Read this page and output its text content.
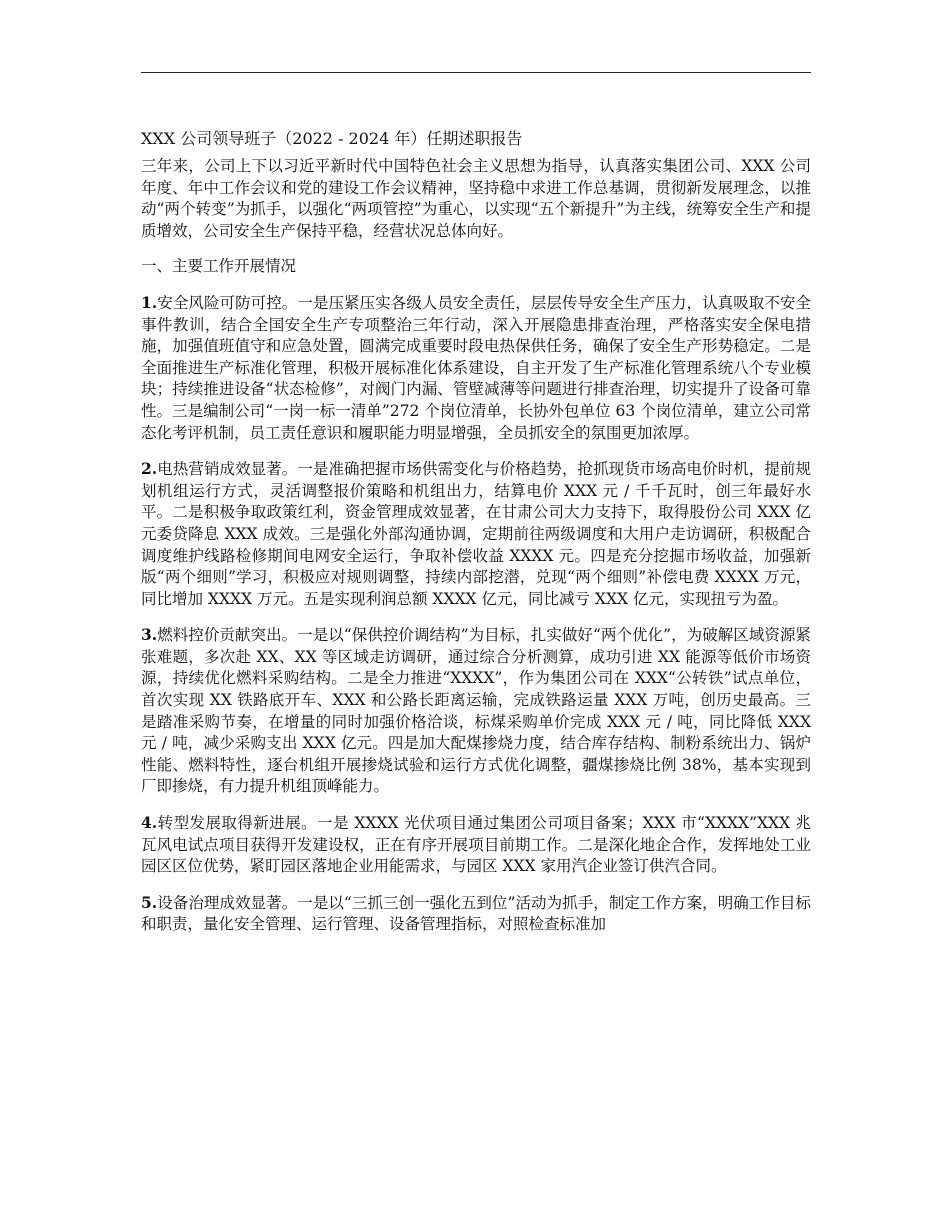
XXX 公司领导班子（2022 - 2024 年）任期述职报告

三年来，公司上下以习近平新时代中国特色社会主义思想为指导，认真落实集团公司、XXX 公司年度、年中工作会议和党的建设工作会议精神，坚持稳中求进工作总基调，贯彻新发展理念，以推动“两个转变”为抓手，以强化“两项管控”为重心，以实现“五个新提升”为主线，统筹安全生产和提质增效，公司安全生产保持平稳，经营状况总体向好。

一、主要工作开展情况

1.安全风险可防可控。一是压紧压实各级人员安全责任，层层传导安全生产压力，认真吸取不安全事件教训，结合全国安全生产专项整治三年行动，深入开展隐患排查治理，严格落实安全保电措施，加强值班值守和应急处置，圆满完成重要时段电热保供任务，确保了安全生产形势稳定。二是全面推进生产标准化管理，积极开展标准化体系建设，自主开发了生产标准化管理系统八个专业模块；持续推进设备“状态检修”，对阀门内漏、管壁减薄等问题进行排查治理，切实提升了设备可靠性。三是编制公司“一岗一标一清单”272 个岗位清单，长协外包单位 63 个岗位清单，建立公司常态化考评机制，员工责任意识和履职能力明显增强，全员抓安全的氛围更加浓厚。

2.电热营销成效显著。一是准确把握市场供需变化与价格趋势，抢抓现货市场高电价时机，提前规划机组运行方式，灵活调整报价策略和机组出力，结算电价 XXX 元 / 千千瓦时，创三年最好水平。二是积极争取政策红利，资金管理成效显著，在甘肃公司大力支持下，取得股份公司 XXX 亿元委贷降息 XXX 成效。三是强化外部沟通协调，定期前往两级调度和大用户走访调研，积极配合调度维护线路检修期间电网安全运行，争取补偿收益 XXXX 元。四是充分挖掘市场收益，加强新版“两个细则”学习，积极应对规则调整，持续内部挖潜，兑现“两个细则”补偿电费 XXXX 万元，同比增加 XXXX 万元。五是实现利润总额 XXXX 亿元，同比减亏 XXX 亿元，实现扭亏为盈。

3.燃料控价贡献突出。一是以“保供控价调结构”为目标，扎实做好“两个优化”，为破解区域资源紧张难题，多次赴 XX、XX 等区域走访调研，通过综合分析测算，成功引进 XX 能源等低价市场资源，持续优化燃料采购结构。二是全力推进“XXXX”，作为集团公司在 XXX“公转铁”试点单位，首次实现 XX 铁路底开车、XXX 和公路长距离运输，完成铁路运量 XXX 万吨，创历史最高。三是踏准采购节奏，在增量的同时加强价格洽谈，标煤采购单价完成 XXX 元 / 吨，同比降低 XXX 元 / 吨，减少采购支出 XXX 亿元。四是加大配煤掺烧力度，结合库存结构、制粉系统出力、锅炉性能、燃料特性，逐台机组开展掺烧试验和运行方式优化调整，疆煤掺烧比例 38%，基本实现到厂即掺烧，有力提升机组顶峰能力。

4.转型发展取得新进展。一是 XXXX 光伏项目通过集团公司项目备案；XXX 市“XXXX”XXX 兆瓦风电试点项目获得开发建设权，正在有序开展项目前期工作。二是深化地企合作，发挥地处工业园区区位优势，紧盯园区落地企业用能需求，与园区 XXX 家用汽企业签订供汽合同。

5.设备治理成效显著。一是以“三抓三创一强化五到位”活动为抓手，制定工作方案，明确工作目标和职责，量化安全管理、运行管理、设备管理指标，对照检查标准加
